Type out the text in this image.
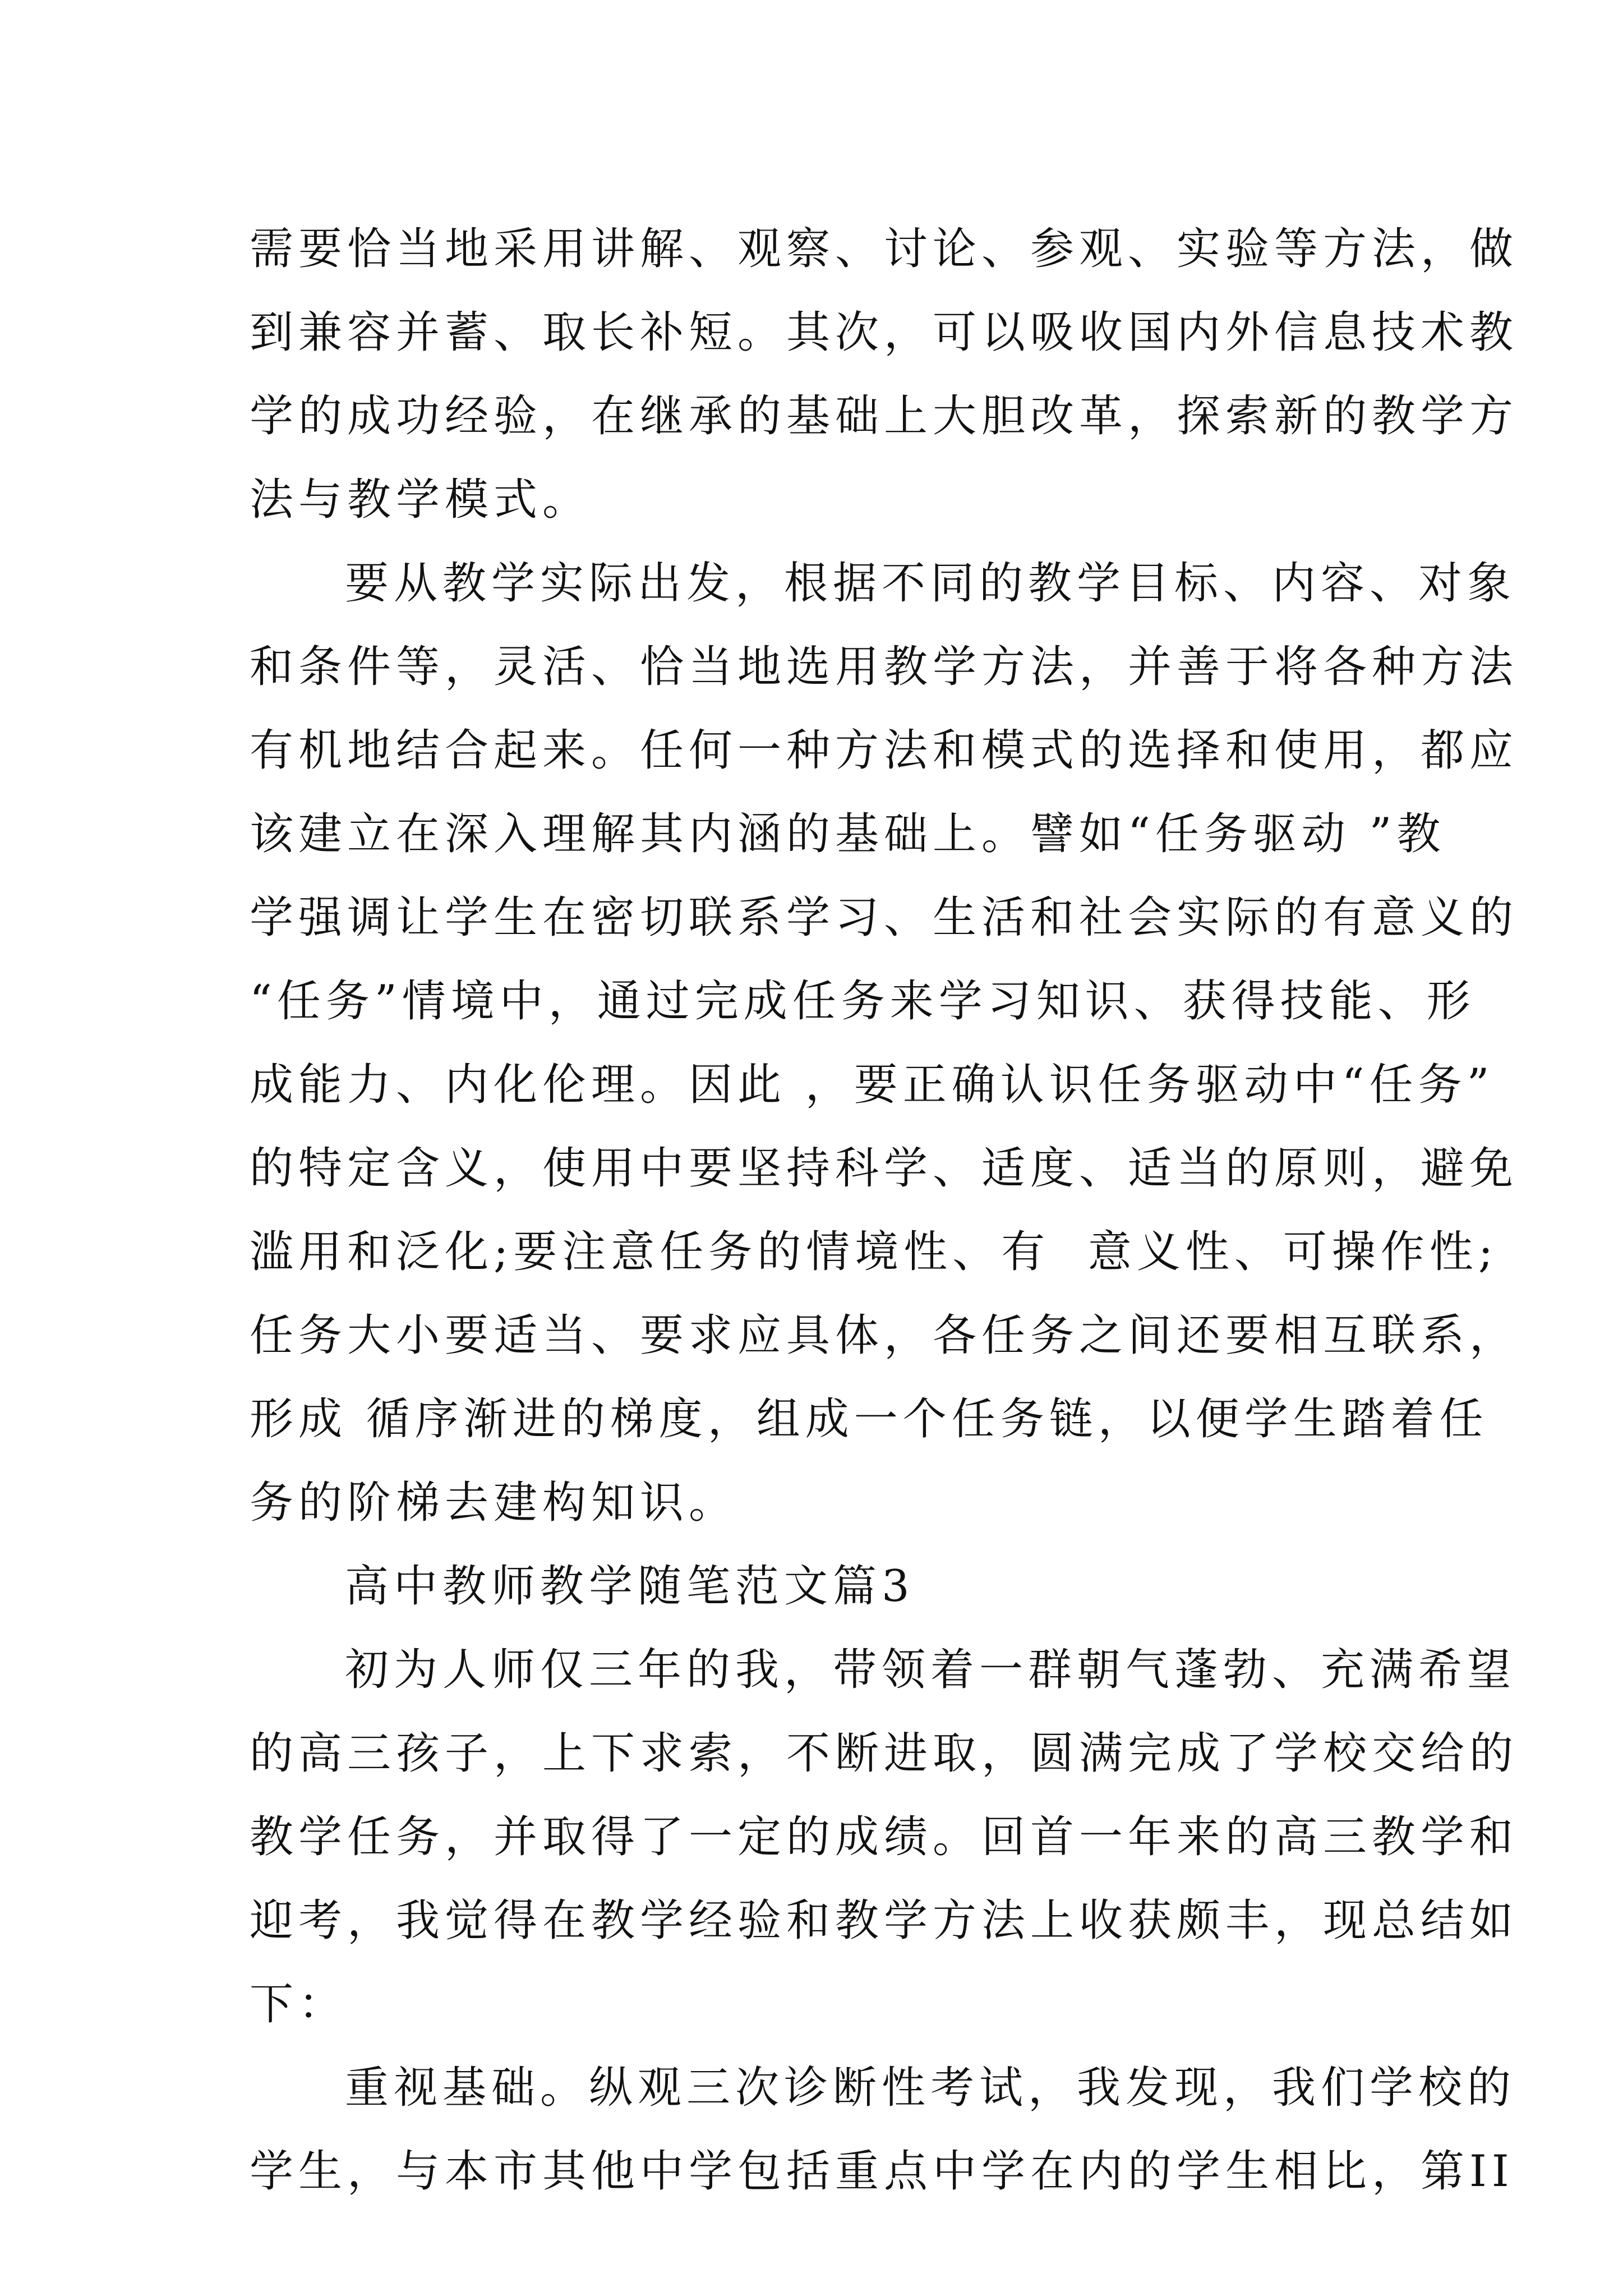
需要恰当地采用讲解、观察、讨论、参观、实验等方法，做
到兼容并蓄、取长补短。其次，可以吸收国内外信息技术教
学的成功经验，在继承的基础上大胆改革，探索新的教学方
法与教学模式。
要从教学实际出发，根据不同的教学目标、内容、对象
和条件等，灵活、恰当地选用教学方法，并善于将各种方法
有机地结合起来。任何一种方法和模式的选择和使用，都应
该建立在深入理解其内涵的基础上。譬如“任务驱动 ”教
学强调让学生在密切联系学习、生活和社会实际的有意义的
“任务”情境中，通过完成任务来学习知识、获得技能、形
成能力、内化伦理。因此 ，要正确认识任务驱动中“任务”
的特定含义，使用中要坚持科学、适度、适当的原则，避免
滥用和泛化;要注意任务的情境性、有  意义性、可操作性;
任务大小要适当、要求应具体，各任务之间还要相互联系，
形成 循序渐进的梯度，组成一个任务链，以便学生踏着任
务的阶梯去建构知识。
高中教师教学随笔范文篇3
初为人师仅三年的我，带领着一群朝气蓬勃、充满希望
的高三孩子，上下求索，不断进取，圆满完成了学校交给的
教学任务，并取得了一定的成绩。回首一年来的高三教学和
迎考，我觉得在教学经验和教学方法上收获颇丰，现总结如
下：
重视基础。纵观三次诊断性考试，我发现，我们学校的
学生，与本市其他中学包括重点中学在内的学生相比，第II
